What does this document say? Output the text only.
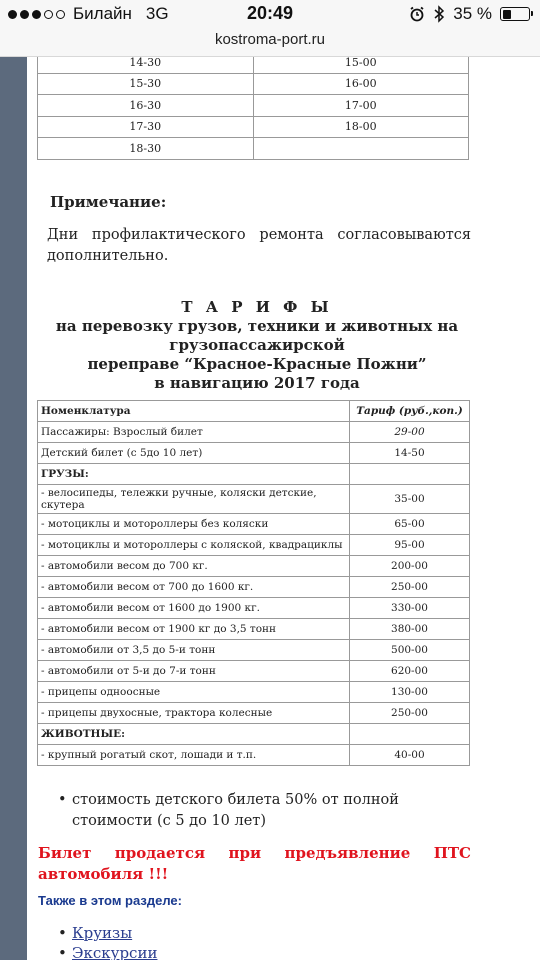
Билайн 3G	20:49	35 %
kostroma-port.ru
14-30	15-00
15-30	16-00
16-30	17-00
17-30	18-00
18-30	
Примечание:
Дни профилактического ремонта согласовываются дополнительно.
Т А Р И Ф Ы
на перевозку грузов, техники и животных на
грузопассажирской
переправе “Красное-Красные Пожни”
в навигацию 2017 года
Номенклатура	Тариф (руб.,коп.)
Пассажиры: Взрослый билет	29-00
Детский билет (с 5до 10 лет)	14-50
ГРУЗЫ:	
- велосипеды, тележки ручные, коляски детские, скутера	35-00
- мотоциклы и мотороллеры без коляски	65-00
- мотоциклы и мотороллеры с коляской, квадрациклы	95-00
- автомобили весом до 700 кг.	200-00
- автомобили весом от 700 до 1600 кг.	250-00
- автомобили весом от 1600 до 1900 кг.	330-00
- автомобили весом от 1900 кг до 3,5 тонн	380-00
- автомобили от 3,5 до 5-и тонн	500-00
- автомобили от 5-и до 7-и тонн	620-00
- прицепы одноосные	130-00
- прицепы двухосные, трактора колесные	250-00
ЖИВОТНЫЕ:	
- крупный рогатый скот, лошади и т.п.	40-00
• стоимость детского билета 50% от полной стоимости (с 5 до 10 лет)
Билет продается при предъявление ПТС автомобиля !!!
Также в этом разделе:
• Круизы
• Экскурсии
